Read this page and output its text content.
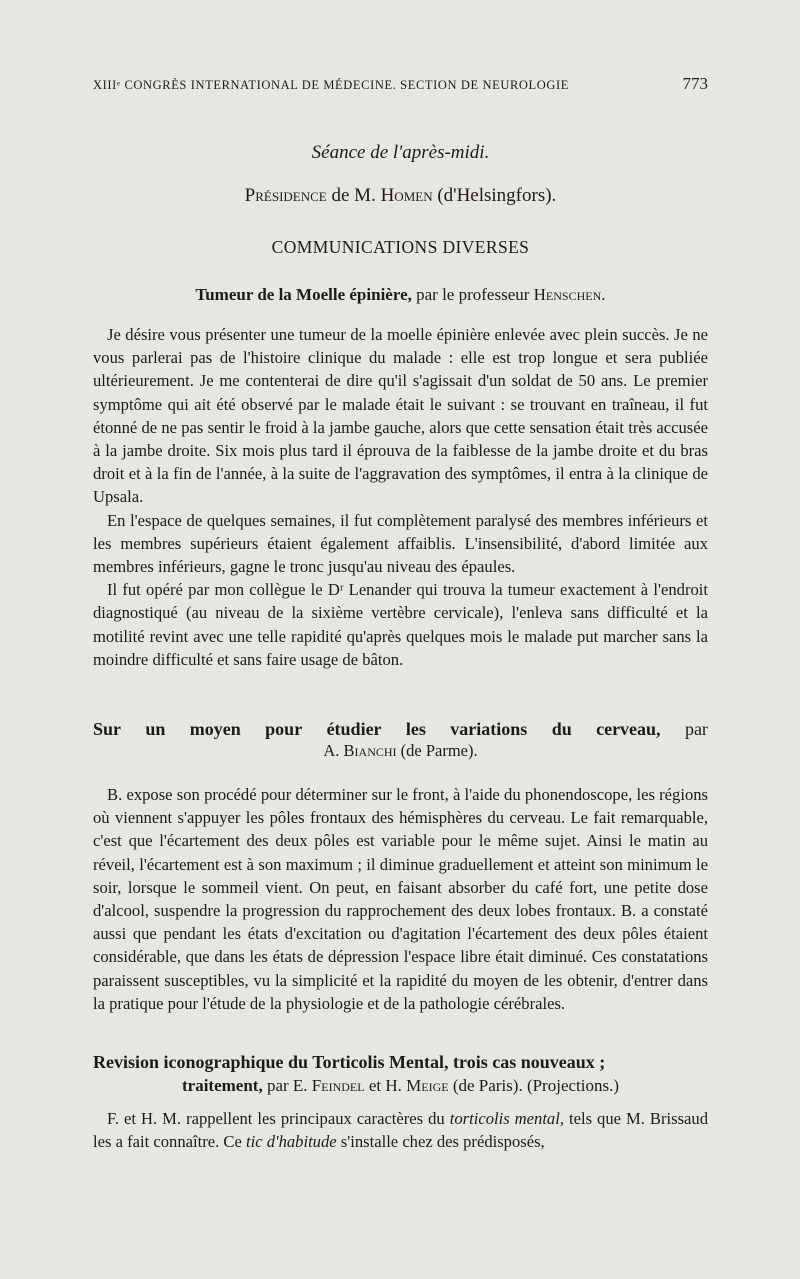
XIIIᵉ CONGRÈS INTERNATIONAL DE MÉDECINE. SECTION DE NEUROLOGIE	773
Séance de l'après-midi.
Présidence de M. Homen (d'Helsingfors).
COMMUNICATIONS DIVERSES
Tumeur de la Moelle épinière, par le professeur Henschen.

Je désire vous présenter une tumeur de la moelle épinière enlevée avec plein succès. Je ne vous parlerai pas de l'histoire clinique du malade : elle est trop longue et sera publiée ultérieurement. Je me contenterai de dire qu'il s'agissait d'un soldat de 50 ans. Le premier symptôme qui ait été observé par le malade était le suivant : se trouvant en traîneau, il fut étonné de ne pas sentir le froid à la jambe gauche, alors que cette sensation était très accusée à la jambe droite. Six mois plus tard il éprouva de la faiblesse de la jambe droite et du bras droit et à la fin de l'année, à la suite de l'aggravation des symptômes, il entra à la clinique de Upsala.

En l'espace de quelques semaines, il fut complètement paralysé des membres inférieurs et les membres supérieurs étaient également affaiblis. L'insensibilité, d'abord limitée aux membres inférieurs, gagne le tronc jusqu'au niveau des épaules.

Il fut opéré par mon collègue le Dʳ Lenander qui trouva la tumeur exactement à l'endroit diagnostiqué (au niveau de la sixième vertèbre cervicale), l'enleva sans difficulté et la motilité revint avec une telle rapidité qu'après quelques mois le malade put marcher sans la moindre difficulté et sans faire usage de bâton.

Sur un moyen pour étudier les variations du cerveau, par
A. Bianchi (de Parme).

B. expose son procédé pour déterminer sur le front, à l'aide du phonendoscope, les régions où viennent s'appuyer les pôles frontaux des hémisphères du cerveau. Le fait remarquable, c'est que l'écartement des deux pôles est variable pour le même sujet. Ainsi le matin au réveil, l'écartement est à son maximum ; il diminue graduellement et atteint son minimum le soir, lorsque le sommeil vient. On peut, en faisant absorber du café fort, une petite dose d'alcool, suspendre la progression du rapprochement des deux lobes frontaux. B. a constaté aussi que pendant les états d'excitation ou d'agitation l'écartement des deux pôles étaient considérable, que dans les états de dépression l'espace libre était diminué. Ces constatations paraissent susceptibles, vu la simplicité et la rapidité du moyen de les obtenir, d'entrer dans la pratique pour l'étude de la physiologie et de la pathologie cérébrales.

Revision iconographique du Torticolis Mental, trois cas nouveaux ;
traitement, par E. Feindel et H. Meige (de Paris). (Projections.)

F. et H. M. rappellent les principaux caractères du torticolis mental, tels que M. Brissaud les a fait connaître. Ce tic d'habitude s'installe chez des prédisposés,
